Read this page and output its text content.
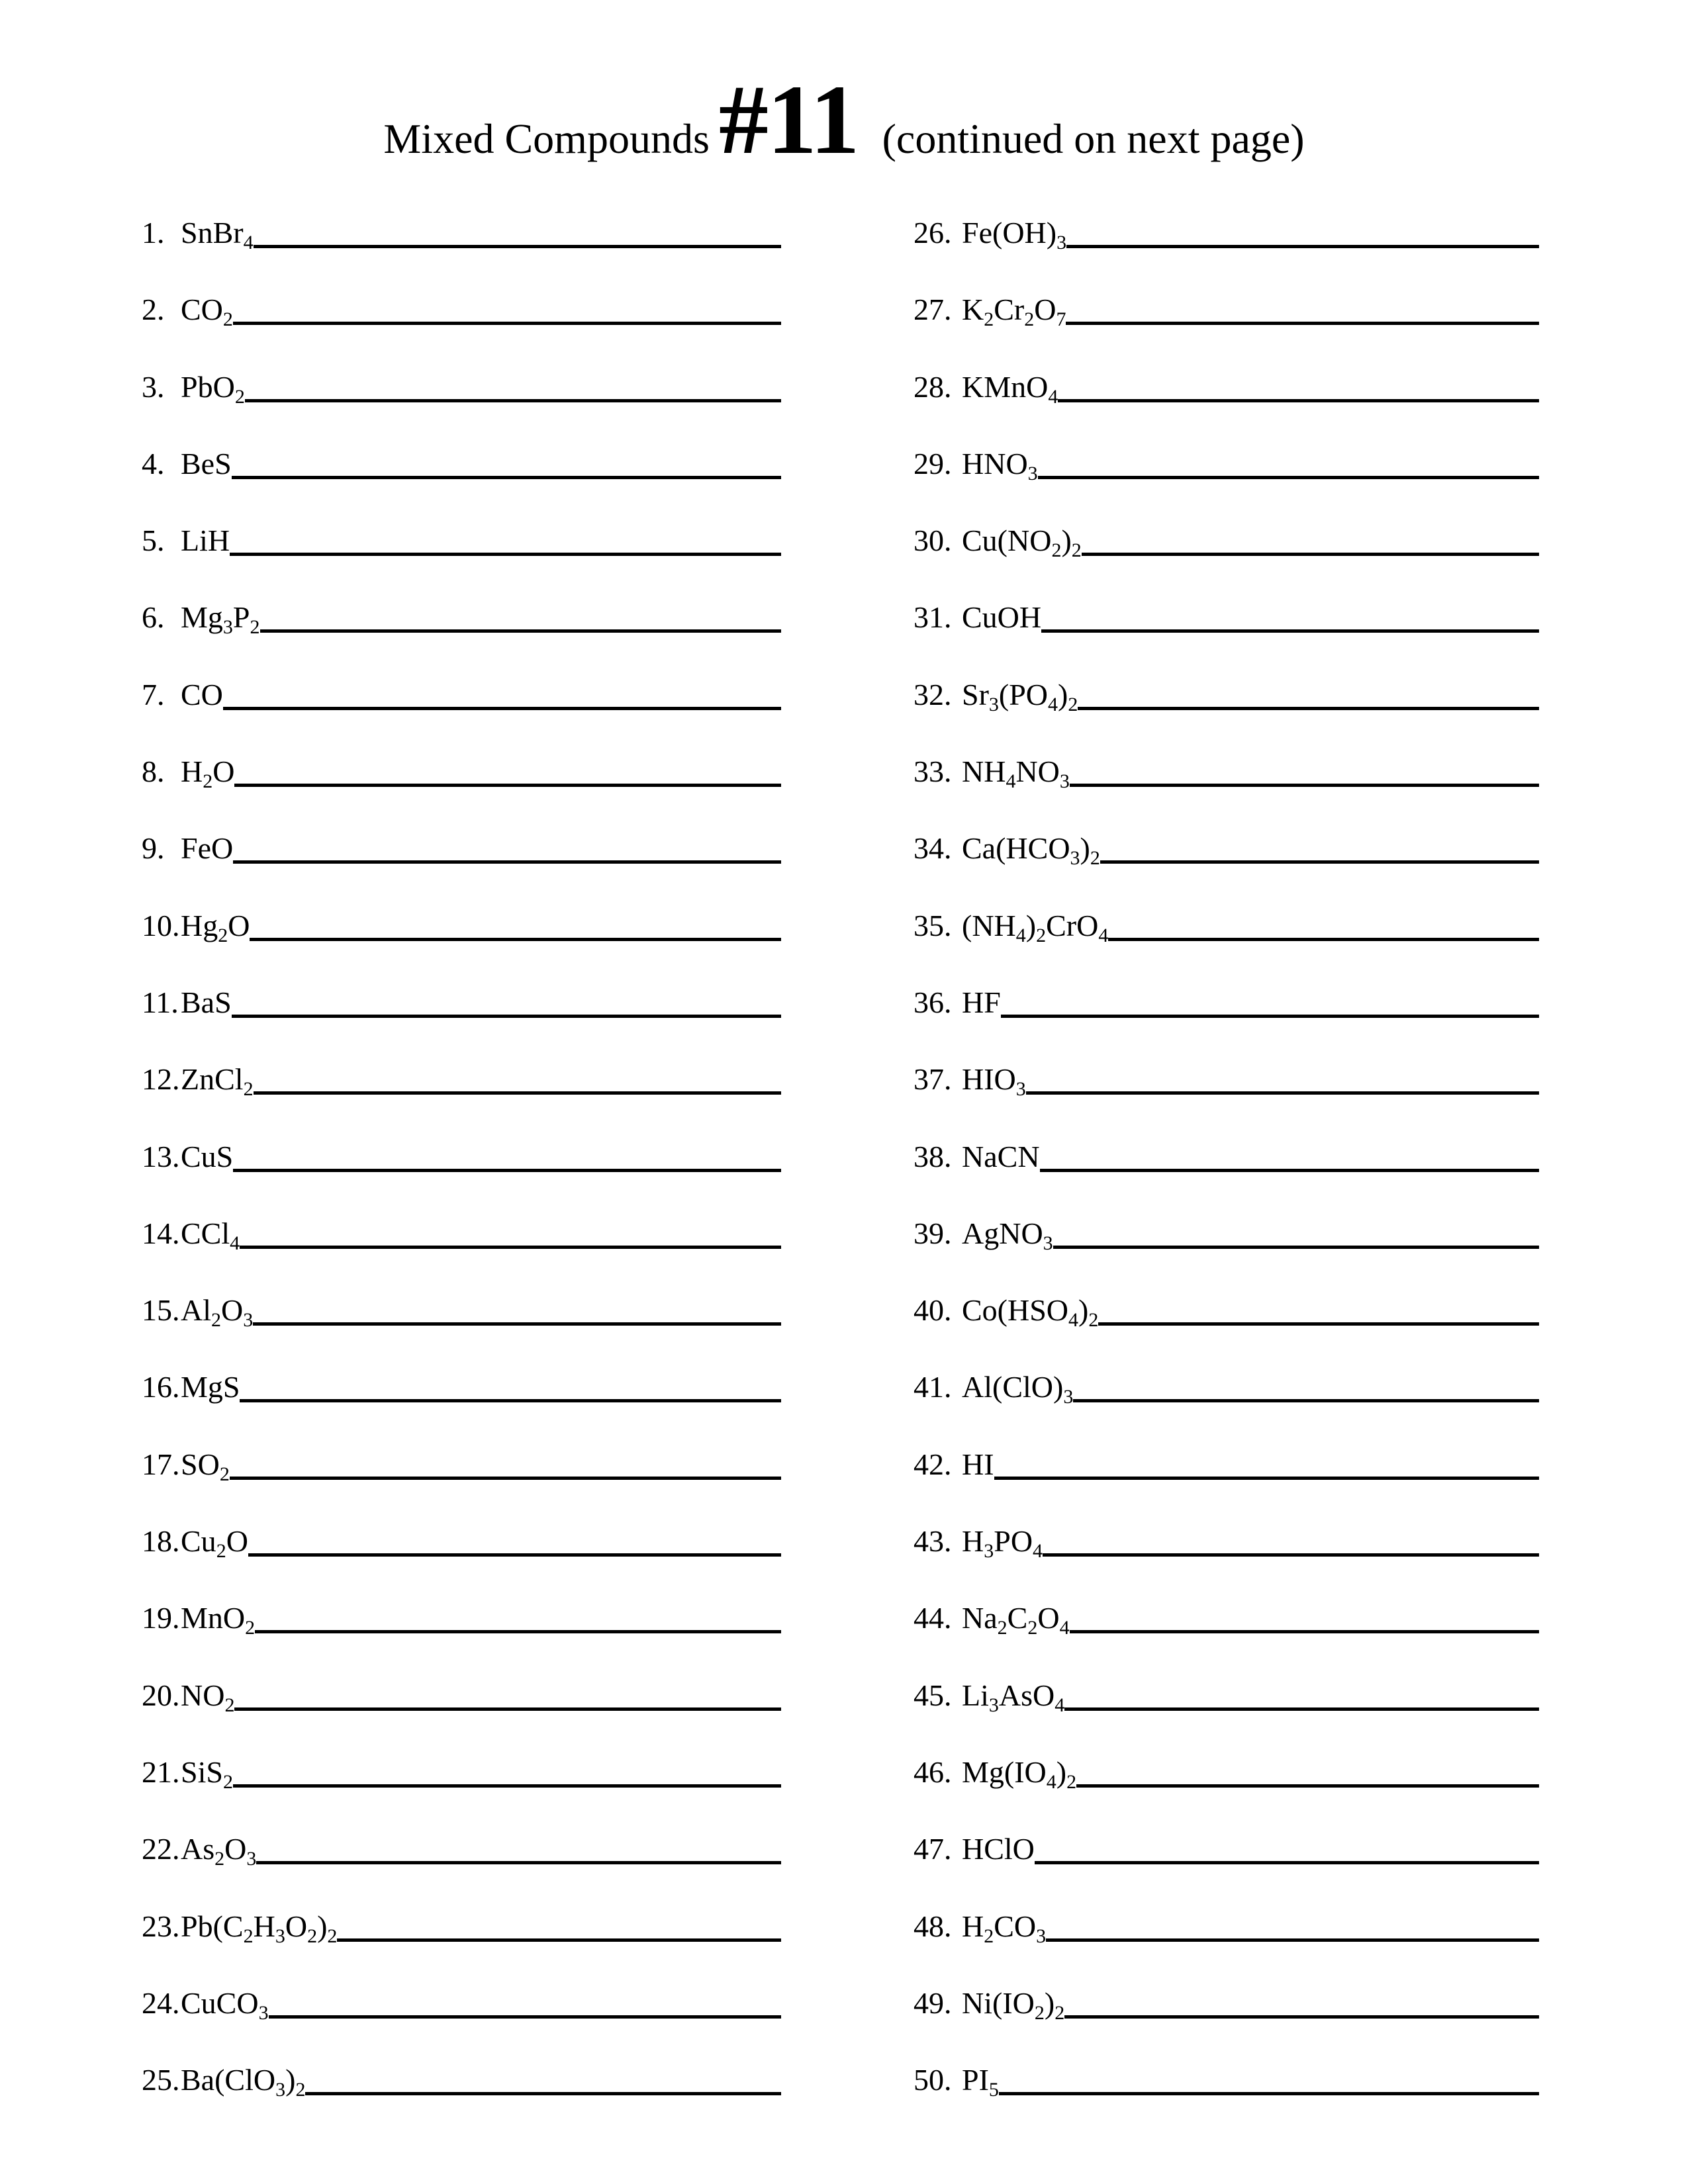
Mixed Compounds#11 (continued on next page)
1. SnBr4
2. CO2
3. PbO2
4. BeS
5. LiH
6. Mg3P2
7. CO
8. H2O
9. FeO
10. Hg2O
11. BaS
12. ZnCl2
13. CuS
14. CCl4
15. Al2O3
16. MgS
17. SO2
18. Cu2O
19. MnO2
20. NO2
21. SiS2
22. As2O3
23. Pb(C2H3O2)2
24. CuCO3
25. Ba(ClO3)2
26. Fe(OH)3
27. K2Cr2O7
28. KMnO4
29. HNO3
30. Cu(NO2)2
31. CuOH
32. Sr3(PO4)2
33. NH4NO3
34. Ca(HCO3)2
35. (NH4)2CrO4
36. HF
37. HIO3
38. NaCN
39. AgNO3
40. Co(HSO4)2
41. Al(ClO)3
42. HI
43. H3PO4
44. Na2C2O4
45. Li3AsO4
46. Mg(IO4)2
47. HClO
48. H2CO3
49. Ni(IO2)2
50. PI5
